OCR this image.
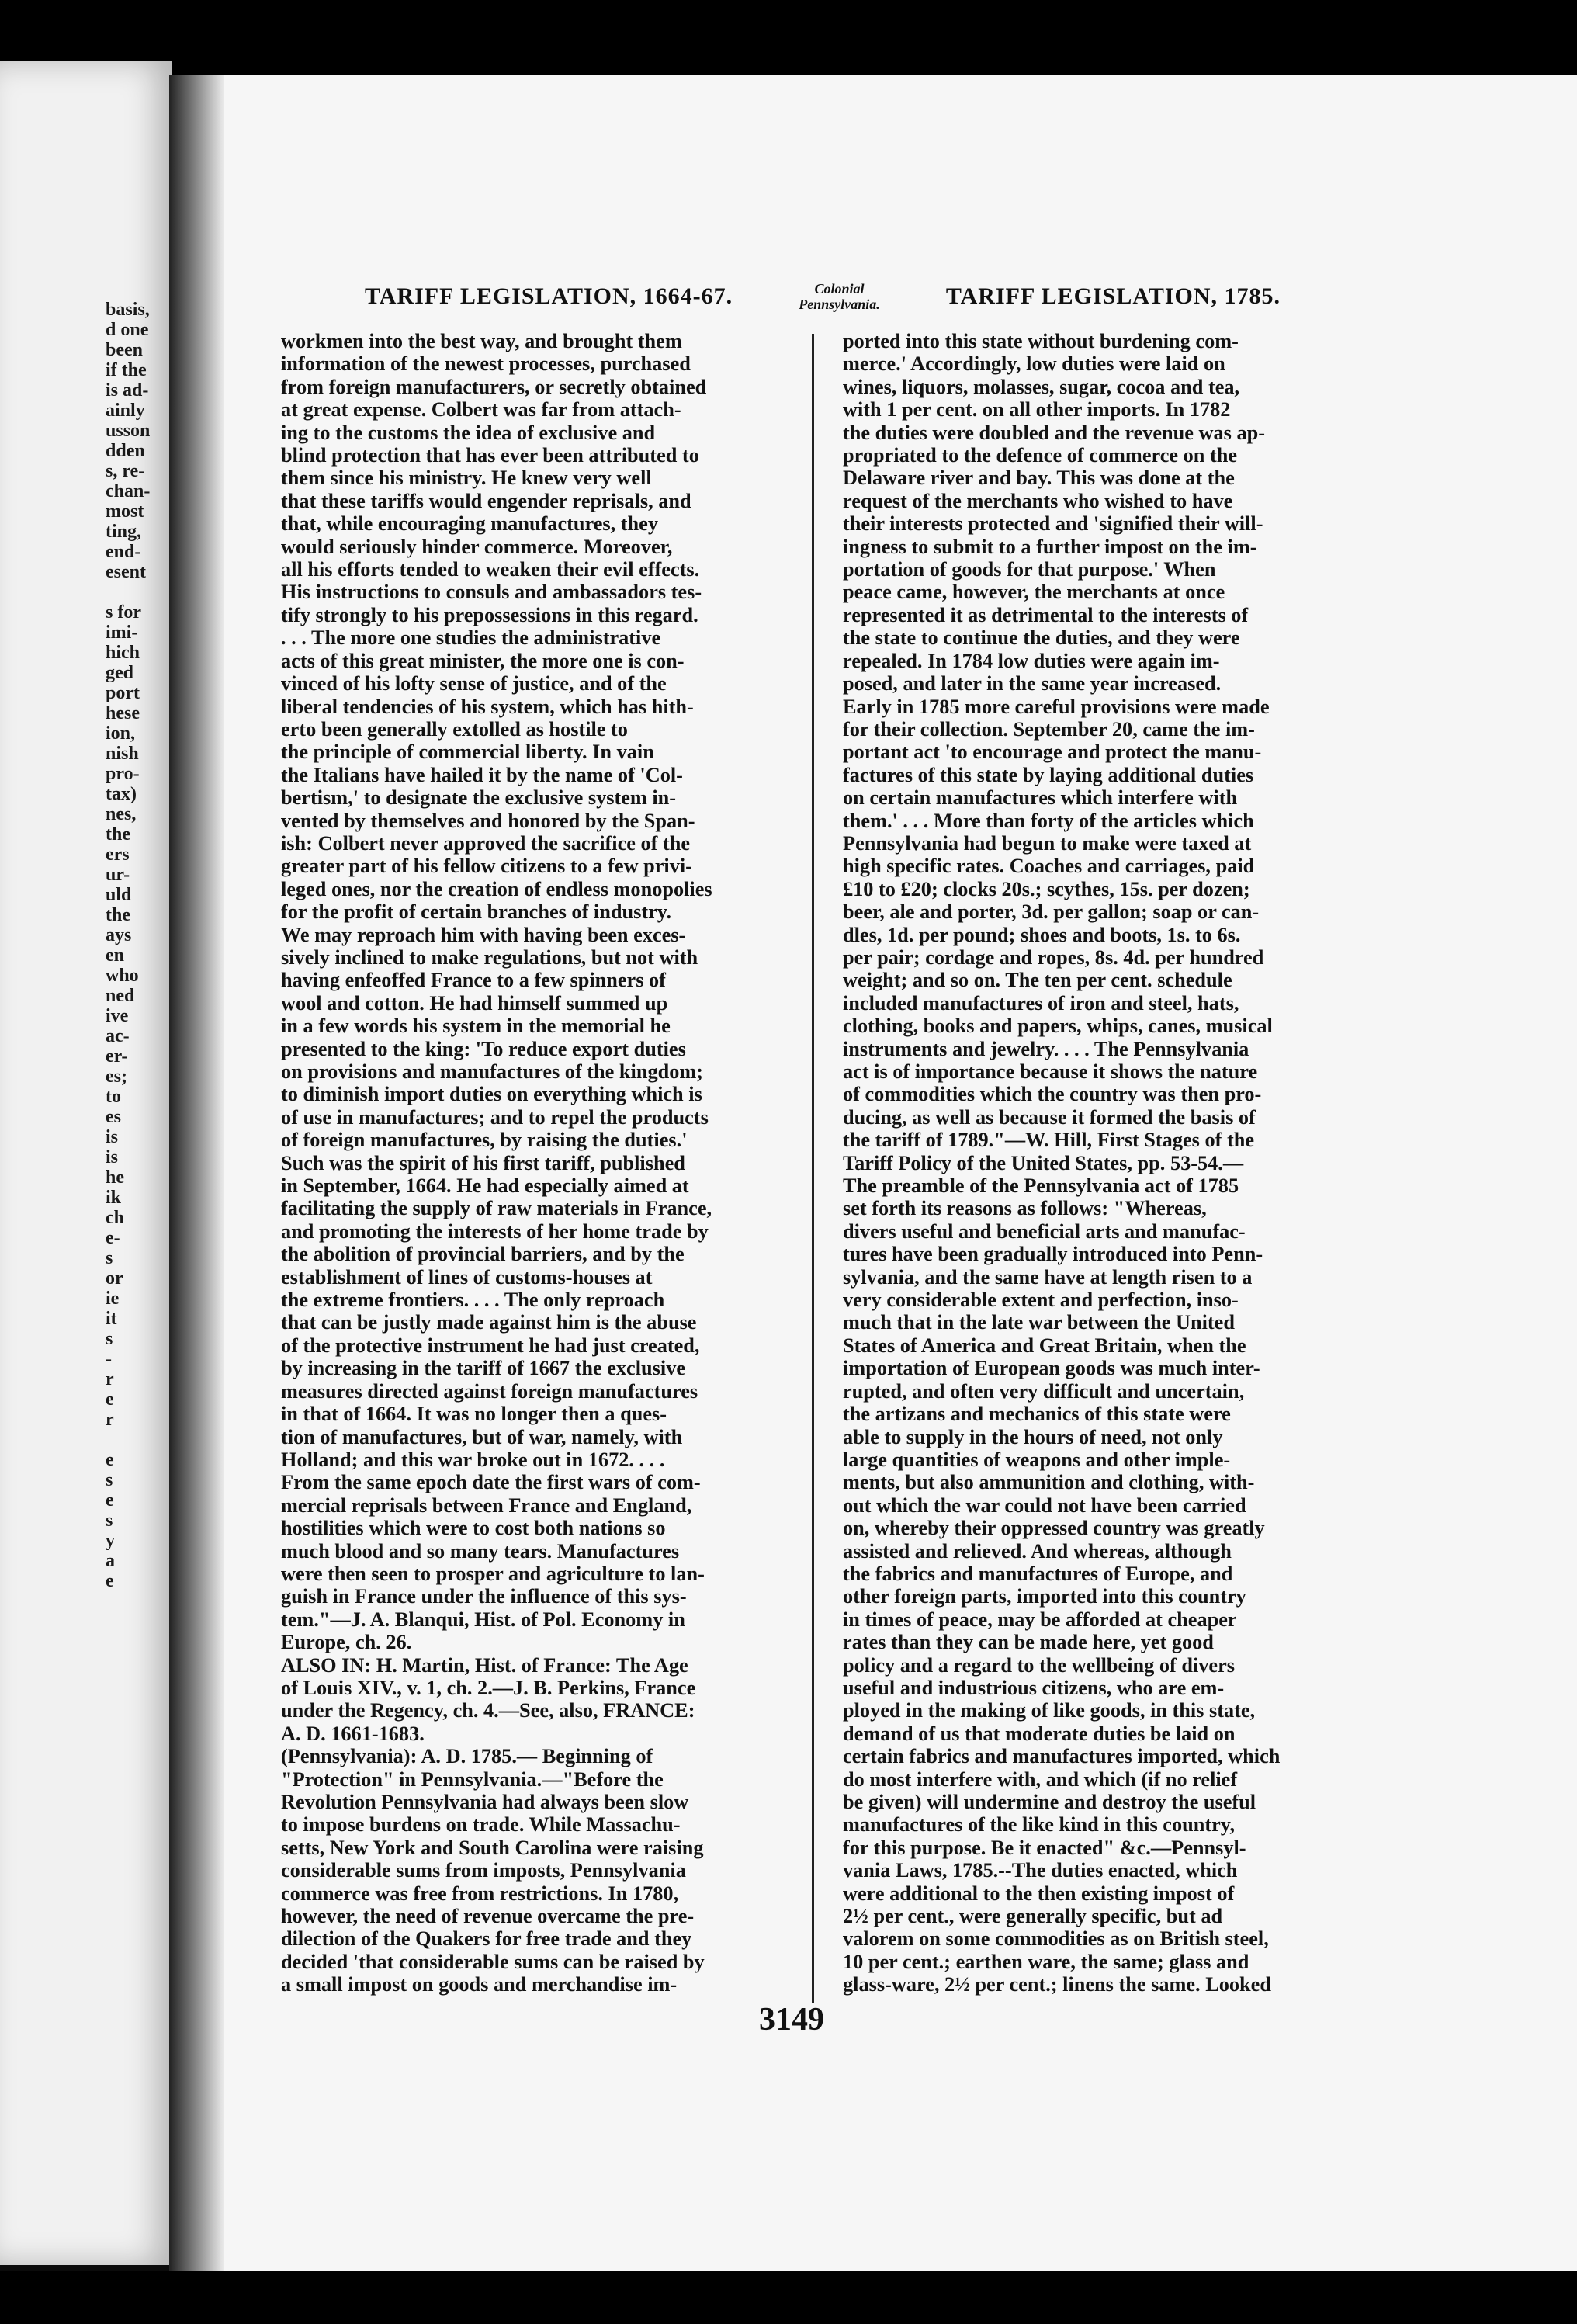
basis,
d one
been
if the
is ad-
ainly
usson
dden
s, re-
chan-
most
ting,
end-
esent
s for
imi-
hich
ged
port
hese
ion,
nish
pro-
tax)
nes,
the
ers
ur-
uld
the
ays
en
who
ned
ive
ac-
er-
es;
to
es
is
is
he
ik
ch
e-
s
or
ie
it
s
-
r
e
r
e
s
e
s
y
a
e
TARIFF LEGISLATION, 1664-67.	Colonial
Pennsylvania.	TARIFF LEGISLATION, 1785.
workmen into the best way, and brought them
information of the newest processes, purchased
from foreign manufacturers, or secretly obtained
at great expense. Colbert was far from attach-
ing to the customs the idea of exclusive and
blind protection that has ever been attributed to
them since his ministry. He knew very well
that these tariffs would engender reprisals, and
that, while encouraging manufactures, they
would seriously hinder commerce. Moreover,
all his efforts tended to weaken their evil effects.
His instructions to consuls and ambassadors tes-
tify strongly to his prepossessions in this regard.
. . . The more one studies the administrative
acts of this great minister, the more one is con-
vinced of his lofty sense of justice, and of the
liberal tendencies of his system, which has hith-
erto been generally extolled as hostile to
the principle of commercial liberty. In vain
the Italians have hailed it by the name of 'Col-
bertism,' to designate the exclusive system in-
vented by themselves and honored by the Span-
ish: Colbert never approved the sacrifice of the
greater part of his fellow citizens to a few privi-
leged ones, nor the creation of endless monopolies
for the profit of certain branches of industry.
We may reproach him with having been exces-
sively inclined to make regulations, but not with
having enfeoffed France to a few spinners of
wool and cotton. He had himself summed up
in a few words his system in the memorial he
presented to the king: 'To reduce export duties
on provisions and manufactures of the kingdom;
to diminish import duties on everything which is
of use in manufactures; and to repel the products
of foreign manufactures, by raising the duties.'
Such was the spirit of his first tariff, published
in September, 1664. He had especially aimed at
facilitating the supply of raw materials in France,
and promoting the interests of her home trade by
the abolition of provincial barriers, and by the
establishment of lines of customs-houses at
the extreme frontiers. . . . The only reproach
that can be justly made against him is the abuse
of the protective instrument he had just created,
by increasing in the tariff of 1667 the exclusive
measures directed against foreign manufactures
in that of 1664. It was no longer then a ques-
tion of manufactures, but of war, namely, with
Holland; and this war broke out in 1672. . . .
From the same epoch date the first wars of com-
mercial reprisals between France and England,
hostilities which were to cost both nations so
much blood and so many tears. Manufactures
were then seen to prosper and agriculture to lan-
guish in France under the influence of this sys-
tem."—J. A. Blanqui, Hist. of Pol. Economy in
Europe, ch. 26.
ALSO IN: H. Martin, Hist. of France: The Age
of Louis XIV., v. 1, ch. 2.—J. B. Perkins, France
under the Regency, ch. 4.—See, also, FRANCE:
A. D. 1661-1683.
(Pennsylvania): A. D. 1785.— Beginning of
"Protection" in Pennsylvania.—"Before the
Revolution Pennsylvania had always been slow
to impose burdens on trade. While Massachu-
setts, New York and South Carolina were raising
considerable sums from imposts, Pennsylvania
commerce was free from restrictions. In 1780,
however, the need of revenue overcame the pre-
dilection of the Quakers for free trade and they
decided 'that considerable sums can be raised by
a small impost on goods and merchandise im-
ported into this state without burdening com-
merce.' Accordingly, low duties were laid on
wines, liquors, molasses, sugar, cocoa and tea,
with 1 per cent. on all other imports. In 1782
the duties were doubled and the revenue was ap-
propriated to the defence of commerce on the
Delaware river and bay. This was done at the
request of the merchants who wished to have
their interests protected and 'signified their will-
ingness to submit to a further impost on the im-
portation of goods for that purpose.' When
peace came, however, the merchants at once
represented it as detrimental to the interests of
the state to continue the duties, and they were
repealed. In 1784 low duties were again im-
posed, and later in the same year increased.
Early in 1785 more careful provisions were made
for their collection. September 20, came the im-
portant act 'to encourage and protect the manu-
factures of this state by laying additional duties
on certain manufactures which interfere with
them.' . . . More than forty of the articles which
Pennsylvania had begun to make were taxed at
high specific rates. Coaches and carriages, paid
£10 to £20; clocks 20s.; scythes, 15s. per dozen;
beer, ale and porter, 3d. per gallon; soap or can-
dles, 1d. per pound; shoes and boots, 1s. to 6s.
per pair; cordage and ropes, 8s. 4d. per hundred
weight; and so on. The ten per cent. schedule
included manufactures of iron and steel, hats,
clothing, books and papers, whips, canes, musical
instruments and jewelry. . . . The Pennsylvania
act is of importance because it shows the nature
of commodities which the country was then pro-
ducing, as well as because it formed the basis of
the tariff of 1789."—W. Hill, First Stages of the
Tariff Policy of the United States, pp. 53-54.—
The preamble of the Pennsylvania act of 1785
set forth its reasons as follows: "Whereas,
divers useful and beneficial arts and manufac-
tures have been gradually introduced into Penn-
sylvania, and the same have at length risen to a
very considerable extent and perfection, inso-
much that in the late war between the United
States of America and Great Britain, when the
importation of European goods was much inter-
rupted, and often very difficult and uncertain,
the artizans and mechanics of this state were
able to supply in the hours of need, not only
large quantities of weapons and other imple-
ments, but also ammunition and clothing, with-
out which the war could not have been carried
on, whereby their oppressed country was greatly
assisted and relieved. And whereas, although
the fabrics and manufactures of Europe, and
other foreign parts, imported into this country
in times of peace, may be afforded at cheaper
rates than they can be made here, yet good
policy and a regard to the wellbeing of divers
useful and industrious citizens, who are em-
ployed in the making of like goods, in this state,
demand of us that moderate duties be laid on
certain fabrics and manufactures imported, which
do most interfere with, and which (if no relief
be given) will undermine and destroy the useful
manufactures of the like kind in this country,
for this purpose. Be it enacted" &c.—Pennsyl-
vania Laws, 1785.--The duties enacted, which
were additional to the then existing impost of
2½ per cent., were generally specific, but ad
valorem on some commodities as on British steel,
10 per cent.; earthen ware, the same; glass and
glass-ware, 2½ per cent.; linens the same. Looked
3149
